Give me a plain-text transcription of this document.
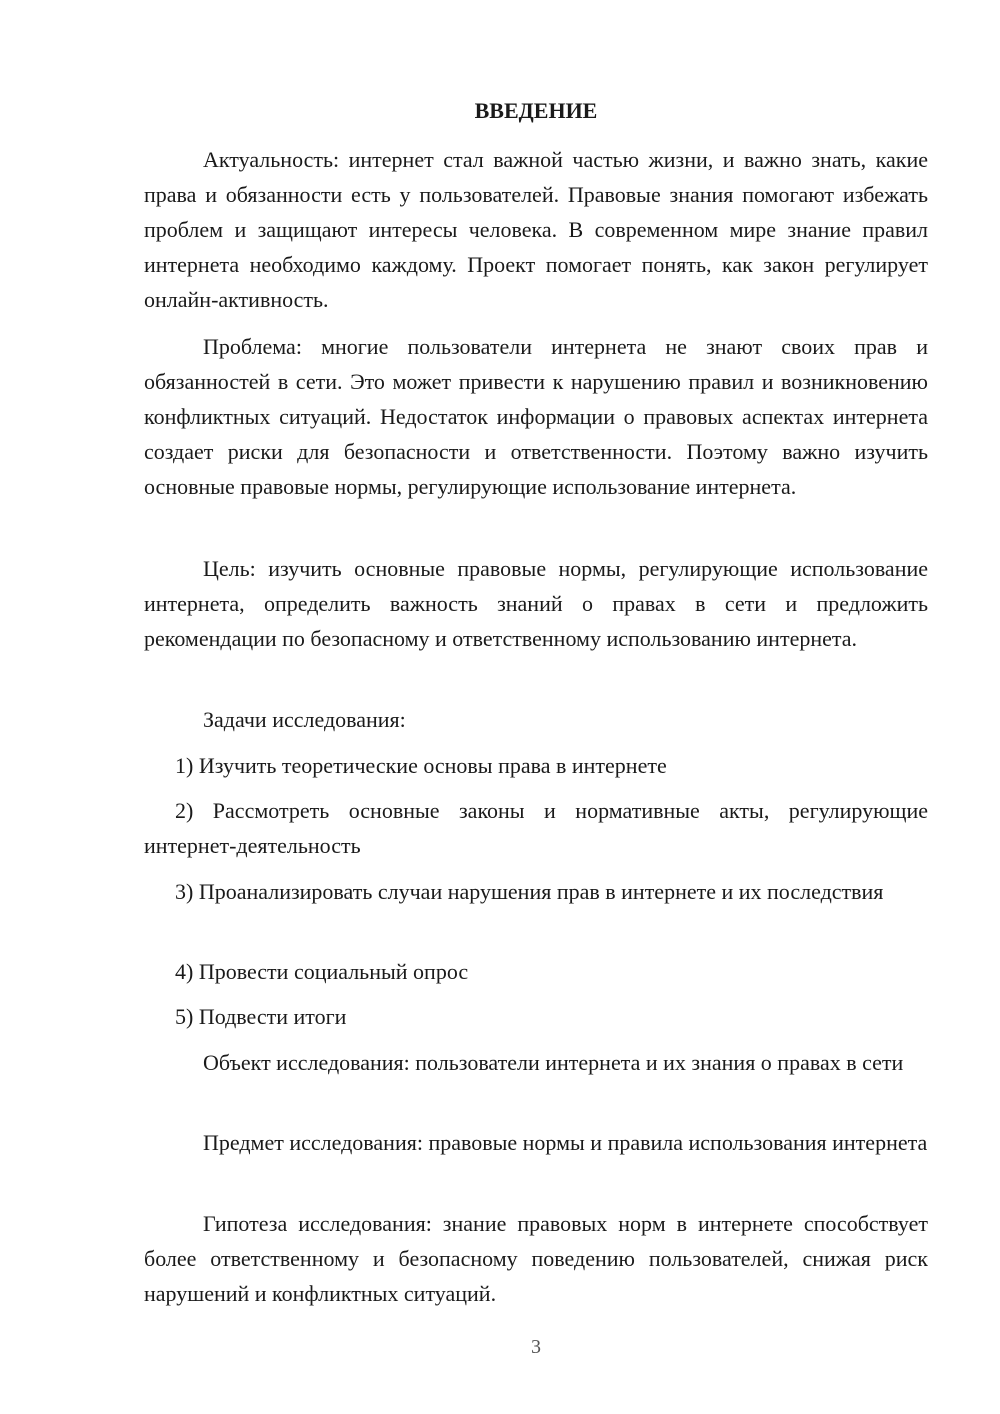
ВВЕДЕНИЕ

Актуальность: интернет стал важной частью жизни, и важно знать, какие права и обязанности есть у пользователей. Правовые знания помогают избежать проблем и защищают интересы человека. В современном мире знание правил интернета необходимо каждому. Проект помогает понять, как закон регулирует онлайн-активность.

Проблема: многие пользователи интернета не знают своих прав и обязанностей в сети. Это может привести к нарушению правил и возникновению конфликтных ситуаций. Недостаток информации о правовых аспектах интернета создает риски для безопасности и ответственности. Поэтому важно изучить основные правовые нормы, регулирующие использование интернета.

Цель: изучить основные правовые нормы, регулирующие использование интернета, определить важность знаний о правах в сети и предложить рекомендации по безопасному и ответственному использованию интернета.

Задачи исследования:

1) Изучить теоретические основы права в интернете

2) Рассмотреть основные законы и нормативные акты, регулирующие интернет-деятельность

3) Проанализировать случаи нарушения прав в интернете и их последствия

4) Провести социальный опрос

5) Подвести итоги

Объект исследования: пользователи интернета и их знания о правах в сети

Предмет исследования: правовые нормы и правила использования интернета

Гипотеза исследования: знание правовых норм в интернете способствует более ответственному и безопасному поведению пользователей, снижая риск нарушений и конфликтных ситуаций.

3
